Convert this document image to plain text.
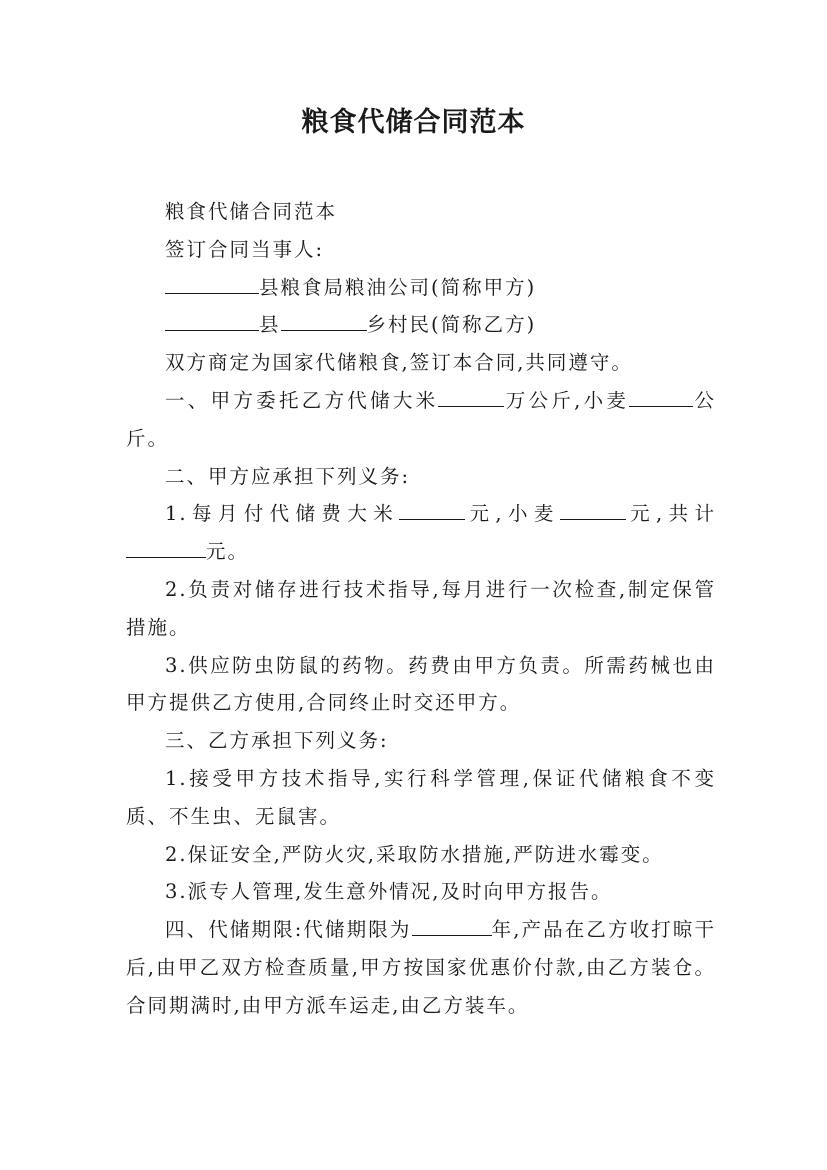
粮食代储合同范本

粮食代储合同范本

签订合同当事人:

县粮食局粮油公司(简称甲方)

县	乡村民(简称乙方)

双方商定为国家代储粮食,签订本合同,共同遵守。

一、甲方委托乙方代储大米	万公斤,小麦	公斤。

二、甲方应承担下列义务:

1.每月付代储费大米	元,小麦	元,共计元。

2.负责对储存进行技术指导,每月进行一次检查,制定保管措施。

3.供应防虫防鼠的药物。药费由甲方负责。所需药械也由甲方提供乙方使用,合同终止时交还甲方。

三、乙方承担下列义务:

1.接受甲方技术指导,实行科学管理,保证代储粮食不变质、不生虫、无鼠害。

2.保证安全,严防火灾,采取防水措施,严防进水霉变。

3.派专人管理,发生意外情况,及时向甲方报告。

四、代储期限:代储期限为	年,产品在乙方收打晾干后,由甲乙双方检查质量,甲方按国家优惠价付款,由乙方装仓。合同期满时,由甲方派车运走,由乙方装车。
